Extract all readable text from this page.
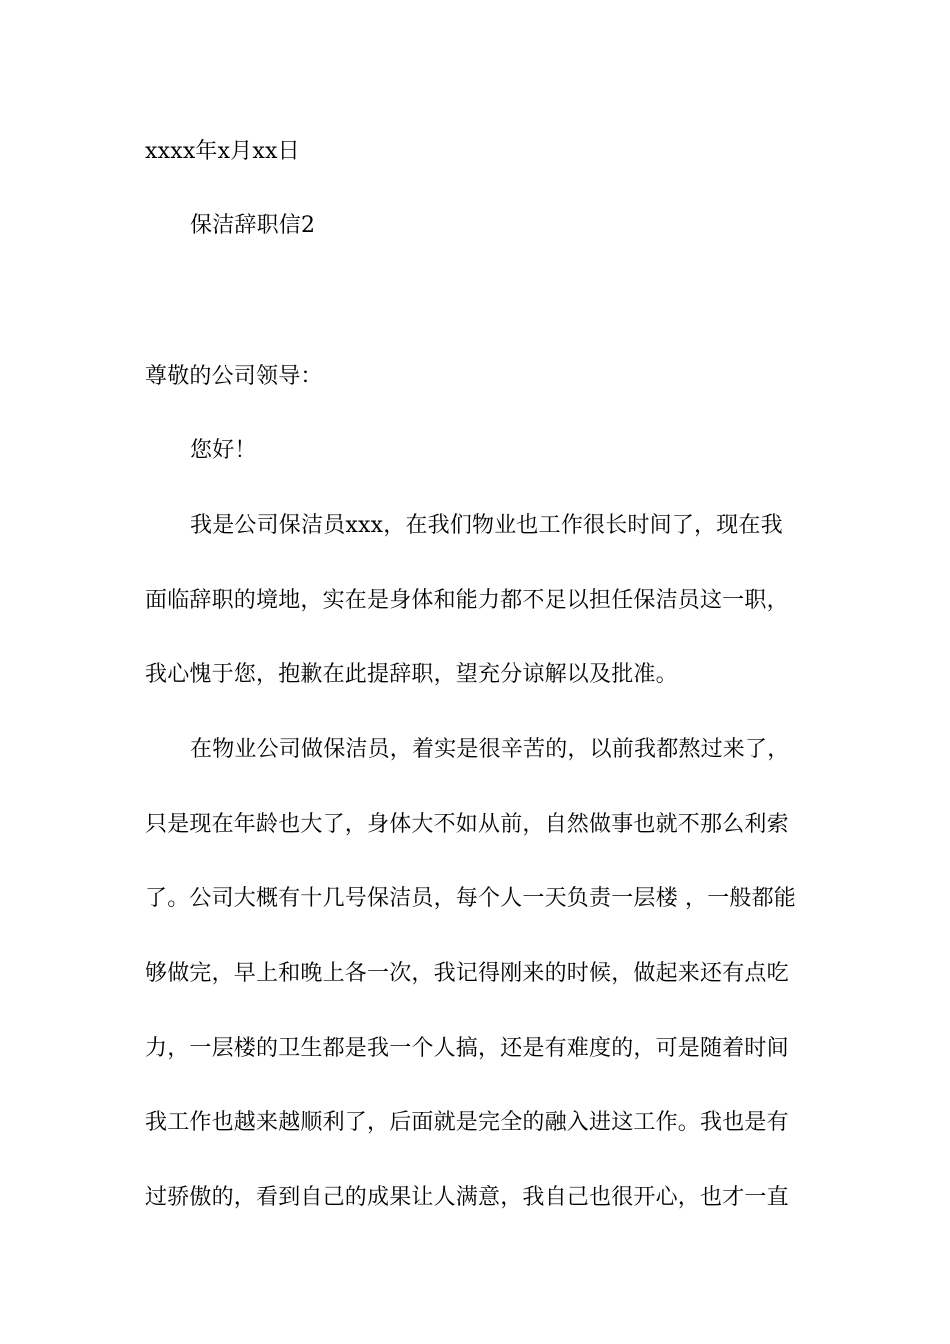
xxxx年x月xx日
保洁辞职信2
尊敬的公司领导：
您好！
我是公司保洁员xxx，在我们物业也工作很长时间了，现在我
面临辞职的境地，实在是身体和能力都不足以担任保洁员这一职，
我心愧于您，抱歉在此提辞职，望充分谅解以及批准。
在物业公司做保洁员，着实是很辛苦的，以前我都熬过来了，
只是现在年龄也大了，身体大不如从前，自然做事也就不那么利索
了。公司大概有十几号保洁员，每个人一天负责一层楼 ，一般都能
够做完，早上和晚上各一次，我记得刚来的时候，做起来还有点吃
力，一层楼的卫生都是我一个人搞，还是有难度的，可是随着时间
我工作也越来越顺利了，后面就是完全的融入进这工作。我也是有
过骄傲的，看到自己的成果让人满意，我自己也很开心，也才一直
